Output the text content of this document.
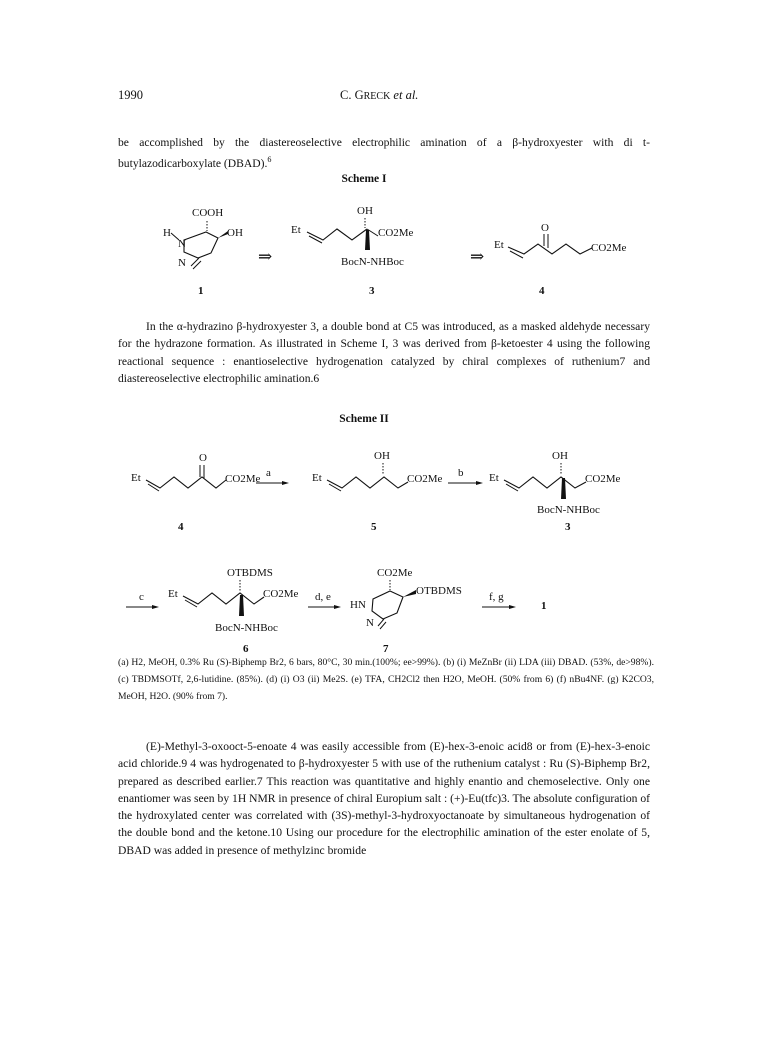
1990	C. GRECK et al.

be accomplished by the diastereoselective electrophilic amination of a β-hydroxyester with di t-butylazodicarboxylate (DBAD).$^6$

Scheme I
COOH
OH
H
N
N
1
⇒
Et
OH
CO2Me
BocN-NHBoc
3
⇒
Et
O
CO2Me
4
In the α-hydrazino β-hydroxyester 3, a double bond at C5 was introduced, as a masked aldehyde necessary for the hydrazone formation. As illustrated in Scheme I, 3 was derived from β-ketoester 4 using the following reactional sequence : enantioselective hydrogenation catalyzed by chiral complexes of ruthenium7 and diastereoselective electrophilic amination.6
Scheme II
Et
O
CO2Me
4
a	Et
OH
CO2Me
5
b Et
OH
CO2Me
BocN-NHBoc
3
c Et
OTBDMS
CO2Me
BocN-NHBoc
6
d, e
CO2Me
OTBDMS
HN
N
7
f, g
1
(a) H2, MeOH, 0.3% Ru (S)-Biphemp Br2, 6 bars, 80°C, 30 min.(100%; ee>99%). (b) (i) MeZnBr (ii) LDA (iii) DBAD. (53%, de>98%). (c) TBDMSOTf, 2,6-lutidine. (85%). (d) (i) O3 (ii) Me2S. (e) TFA, CH2Cl2 then H2O, MeOH. (50% from 6) (f) nBu4NF. (g) K2CO3, MeOH, H2O. (90% from 7).
(E)-Methyl-3-oxooct-5-enoate 4 was easily accessible from (E)-hex-3-enoic acid8 or from (E)-hex-3-enoic acid chloride.9 4 was hydrogenated to β-hydroxyester 5 with use of the ruthenium catalyst : Ru (S)-Biphemp Br2, prepared as described earlier.7 This reaction was quantitative and highly enantio and chemoselective. Only one enantiomer was seen by 1H NMR in presence of chiral Europium salt : (+)-Eu(tfc)3. The absolute configuration of the hydroxylated center was correlated with (3S)-methyl-3-hydroxyoctanoate by simultaneous hydrogenation of the double bond and the ketone.10 Using our procedure for the electrophilic amination of the ester enolate of 5, DBAD was added in presence of methylzinc bromide
